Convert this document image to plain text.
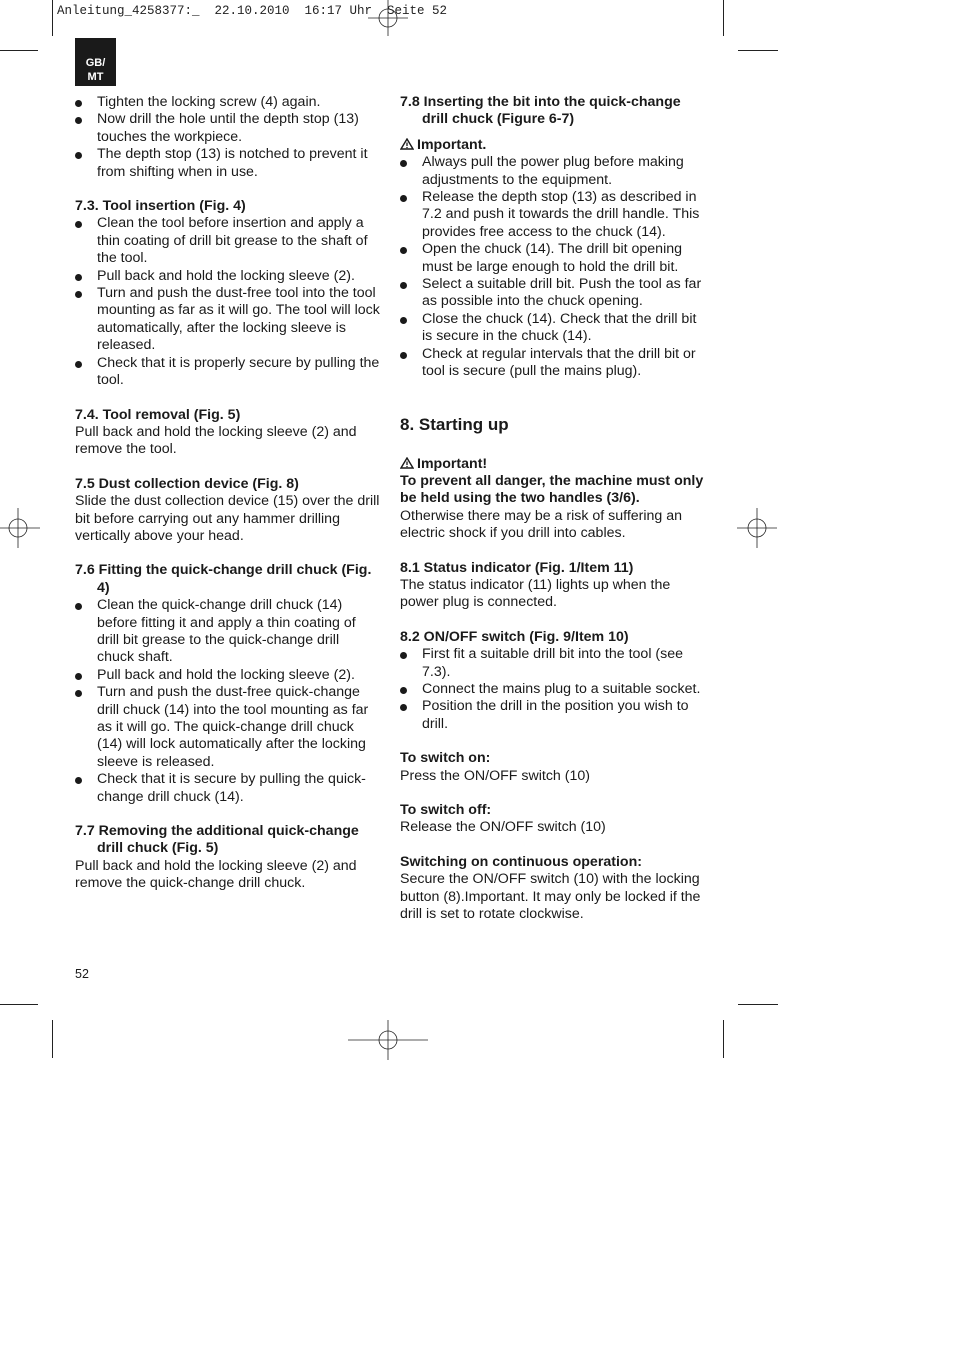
Anleitung_4258377:_  22.10.2010  16:17 Uhr  Seite 52
GB/
MT
Tighten the locking screw (4) again.
Now drill the hole until the depth stop (13) touches the workpiece.
The depth stop (13) is notched to prevent it from shifting when in use.
7.3. Tool insertion (Fig. 4)
Clean the tool before insertion and apply a thin coating of drill bit grease to the shaft of the tool.
Pull back and hold the locking sleeve (2).
Turn and push the dust-free tool into the tool mounting as far as it will go. The tool will lock automatically, after the locking sleeve is released.
Check that it is properly secure by pulling the tool.
7.4. Tool removal (Fig. 5)
Pull back and hold the locking sleeve (2) and remove the tool.
7.5 Dust collection device (Fig. 8)
Slide the dust collection device (15) over the drill bit before carrying out any hammer drilling vertically above your head.
7.6 Fitting the quick-change drill chuck (Fig. 4)
Clean the quick-change drill chuck (14) before fitting it and apply a thin coating of drill bit grease to the quick-change drill chuck shaft.
Pull back and hold the locking sleeve (2).
Turn and push the dust-free quick-change drill chuck (14) into the tool mounting as far as it will go. The quick-change drill chuck (14) will lock automatically after the locking sleeve is released.
Check that it is secure by pulling the quick-change drill chuck (14).
7.7 Removing the additional quick-change drill chuck (Fig. 5)
Pull back and hold the locking sleeve (2) and remove the quick-change drill chuck.
7.8 Inserting the bit into the quick-change drill chuck (Figure 6-7)
Important.
Always pull the power plug before making adjustments to the equipment.
Release the depth stop (13) as described in 7.2 and push it towards the drill handle. This provides free access to the chuck (14).
Open the chuck (14). The drill bit opening must be large enough to hold the drill bit.
Select a suitable drill bit. Push the tool as far as possible into the chuck opening.
Close the chuck (14). Check that the drill bit is secure in the chuck (14).
Check at regular intervals that the drill bit or tool is secure (pull the mains plug).
8. Starting up
Important!
To prevent all danger, the machine must only be held using the two handles (3/6).
Otherwise there may be a risk of suffering an electric shock if you drill into cables.
8.1 Status indicator (Fig. 1/Item 11)
The status indicator (11) lights up when the power plug is connected.
8.2 ON/OFF switch (Fig. 9/Item 10)
First fit a suitable drill bit into the tool (see 7.3).
Connect the mains plug to a suitable socket.
Position the drill in the position you wish to drill.
To switch on:
Press the ON/OFF switch (10)
To switch off:
Release the ON/OFF switch (10)
Switching on continuous operation:
Secure the ON/OFF switch (10) with the locking button (8).Important. It may only be locked if the drill is set to rotate clockwise.
52
